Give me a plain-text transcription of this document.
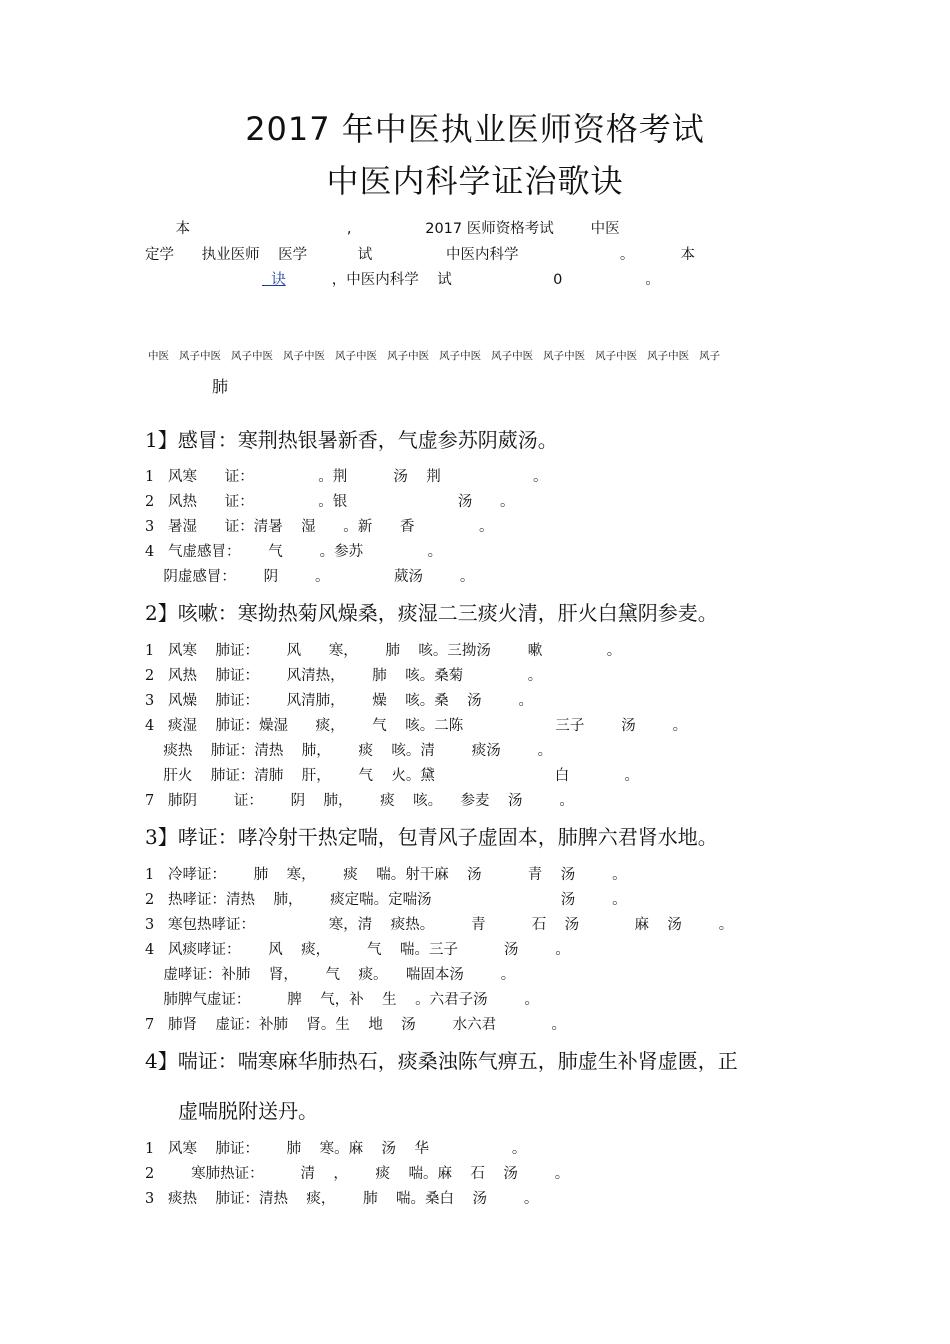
2017 年中医执业医师资格考试
中医内科学证治歌诀
本                                  ,                2017 医师资格考试        中医
定学      执业医师    医学           试                中医内科学                      。          本
诀          ，中医内科学    试                      0                  。
中医   风子中医   风子中医   风子中医   风子中医   风子中医   风子中医   风子中医   风子中医   风子中医   风子中医   风子
肺
1】感冒：寒荆热银暑新香，气虚参苏阴葳汤。
1   风寒      证：              。荆          汤    荆                    。
2   风热      证：              。银                        汤      。
3   暑湿      证：清暑    湿      。新      香              。
4   气虚感冒：      气        。参苏              。
阴虚感冒：      阴        。              葳汤        。
2】咳嗽：寒拗热菊风燥桑，痰湿二三痰火清，肝火白黛阴参麦。
1   风寒    肺证：      风      寒，      肺    咳。三拗汤        嗽              。
2   风热    肺证：      风清热，      肺    咳。桑菊              。
3   风燥    肺证：      风清肺，      燥    咳。桑    汤        。
4   痰湿    肺证：燥湿      痰，      气    咳。二陈                    三子        汤        。
痰热    肺证：清热    肺，      痰    咳。清        痰汤        。
肝火    肺证：清肺    肝，      气    火。黛                          白            。
7   肺阴        证：      阴    肺，      痰    咳。    参麦    汤        。
3】哮证：哮冷射干热定喘，包青风子虚固本，肺脾六君肾水地。
1   冷哮证：      肺    寒，      痰    喘。射干麻    汤          青    汤        。
2   热哮证：清热    肺，      痰定喘。定喘汤                            汤        。
3   寒包热哮证：                寒，清    痰热。        青          石    汤            麻    汤        。
4   风痰哮证：      风    痰，        气    喘。三子          汤        。
虚哮证：补肺    肾，      气    痰。    喘固本汤        。
肺脾气虚证：        脾    气，补    生    。六君子汤        。
7   肺肾    虚证：补肺    肾。生    地    汤        水六君            。
4】喘证：喘寒麻华肺热石，痰桑浊陈气痹五，肺虚生补肾虚匮，正
虚喘脱附送丹。
1   风寒    肺证：      肺    寒。麻    汤    华                  。
2        寒肺热证：        清    ，      痰    喘。麻    石    汤        。
3   痰热    肺证：清热    痰，      肺    喘。桑白    汤        。
